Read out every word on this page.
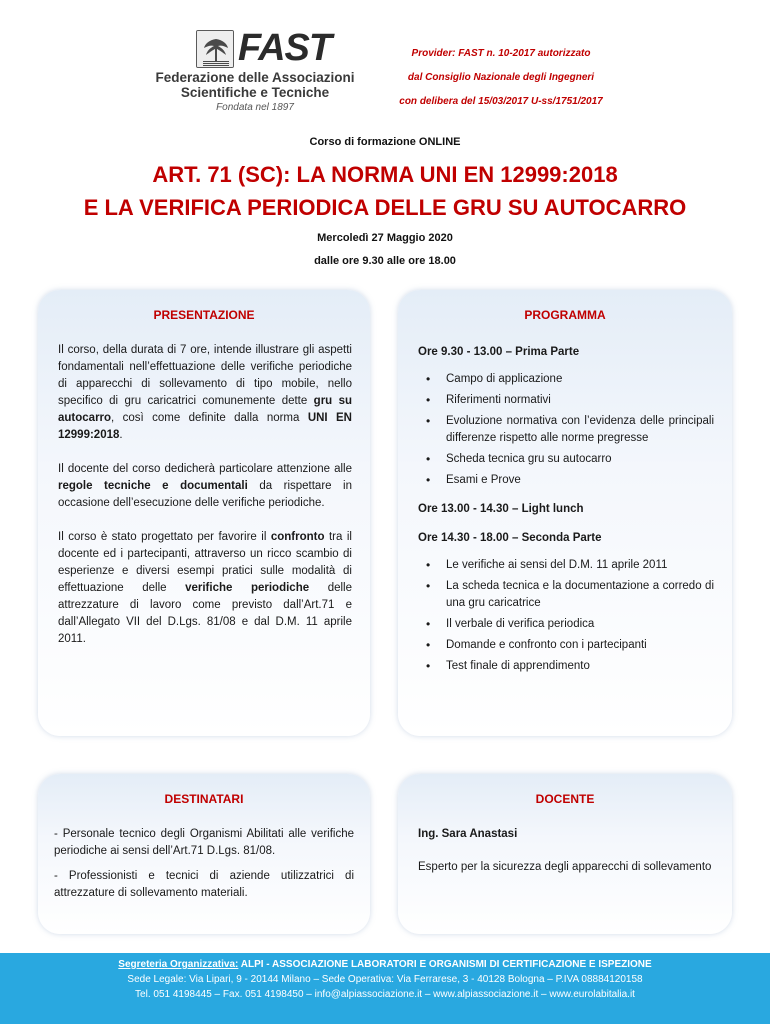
FAST
Federazione delle Associazioni
Scientifiche e Tecniche
Fondata nel 1897
Provider: FAST n. 10-2017 autorizzato
dal Consiglio Nazionale degli Ingegneri
con delibera del 15/03/2017 U-ss/1751/2017
Corso di formazione ONLINE
ART. 71 (SC): LA NORMA UNI EN 12999:2018
E LA VERIFICA PERIODICA DELLE GRU SU AUTOCARRO
Mercoledì 27 Maggio 2020
dalle ore 9.30 alle ore 18.00
PRESENTAZIONE

Il corso, della durata di 7 ore, intende illustrare gli aspetti fondamentali nell’effettuazione delle verifiche periodiche di apparecchi di sollevamento di tipo mobile, nello specifico di gru caricatrici comunemente dette gru su autocarro, così come definite dalla norma UNI EN 12999:2018.

Il docente del corso dedicherà particolare attenzione alle regole tecniche e documentali da rispettare in occasione dell’esecuzione delle verifiche periodiche.

Il corso è stato progettato per favorire il confronto tra il docente ed i partecipanti, attraverso un ricco scambio di esperienze e diversi esempi pratici sulle modalità di effettuazione delle verifiche periodiche delle attrezzature di lavoro come previsto dall’Art.71 e dall’Allegato VII del D.Lgs. 81/08 e dal D.M. 11 aprile 2011.

PROGRAMMA
Ore 9.30 - 13.00 – Prima Parte
• Campo di applicazione
• Riferimenti normativi
• Evoluzione normativa con l’evidenza delle principali differenze rispetto alle norme pregresse
• Scheda tecnica gru su autocarro
• Esami e Prove
Ore 13.00 - 14.30 – Light lunch
Ore 14.30 - 18.00 – Seconda Parte
• Le verifiche ai sensi del D.M. 11 aprile 2011
• La scheda tecnica e la documentazione a corredo di una gru caricatrice
• Il verbale di verifica periodica
• Domande e confronto con i partecipanti
• Test finale di apprendimento
DESTINATARI

- Personale tecnico degli Organismi Abilitati alle verifiche periodiche ai sensi dell’Art.71 D.Lgs. 81/08.

- Professionisti e tecnici di aziende utilizzatrici di attrezzature di sollevamento materiali.

DOCENTE
Ing. Sara Anastasi
Esperto per la sicurezza degli apparecchi di sollevamento
Segreteria Organizzativa: ALPI - ASSOCIAZIONE LABORATORI E ORGANISMI DI CERTIFICAZIONE E ISPEZIONE
Sede Legale: Via Lipari, 9 - 20144 Milano – Sede Operativa: Via Ferrarese, 3 - 40128 Bologna – P.IVA 08884120158
Tel. 051 4198445 – Fax. 051 4198450 – info@alpiassociazione.it – www.alpiassociazione.it – www.eurolabitalia.it
